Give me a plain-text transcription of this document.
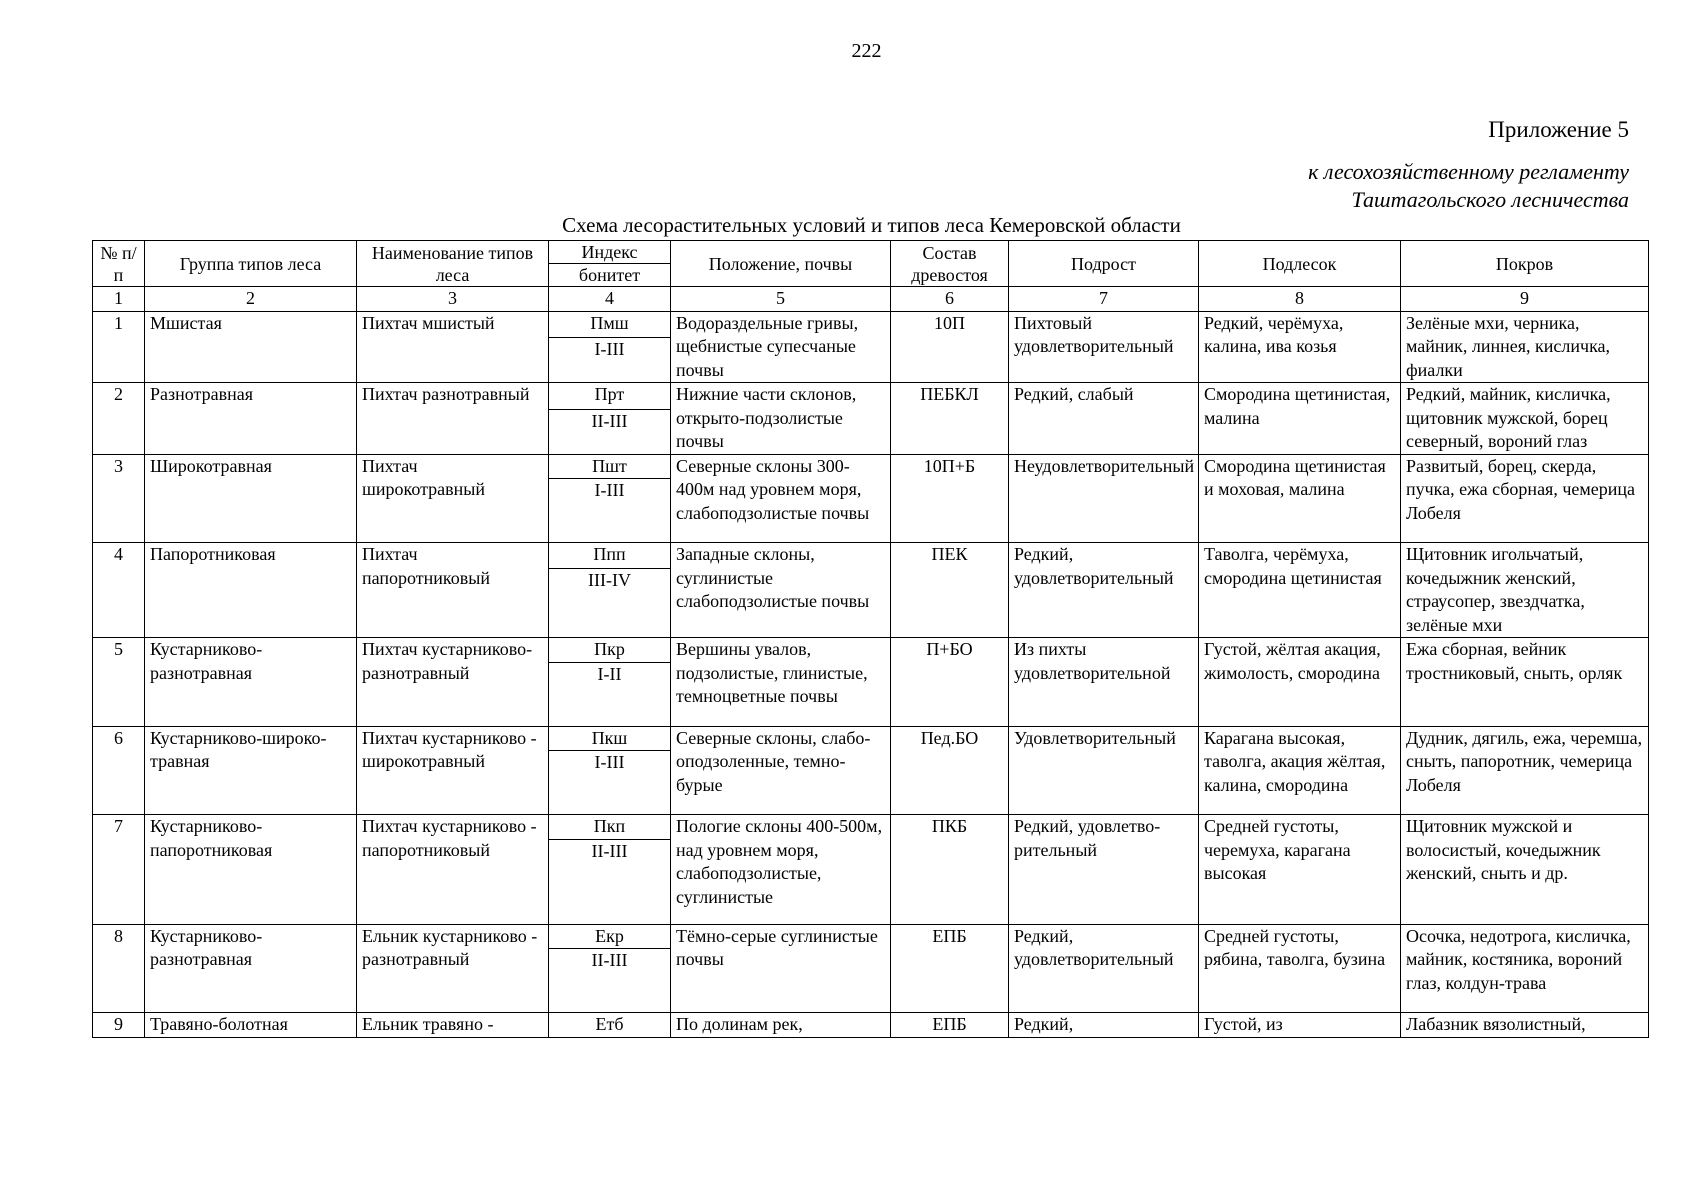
222
Приложение 5
к лесохозяйственному регламенту
Таштагольского лесничества
Схема лесорастительных условий и типов леса Кемеровской области
№ п/п	Группа типов леса	Наименование типов леса	Индекс	Положение, почвы	Состав древостоя	Подрост	Подлесок	Покров
			бонитет					
1	2	3	4	5	6	7	8	9
1	Мшистая	Пихтач мшистый	Пмш	Водораздельные гривы, щебнистые супесчаные почвы	10П	Пихтовый удовлетворительный	Редкий, черёмуха, калина, ива козья	Зелёные мхи, черника, майник, линнея, кисличка, фиалки
			I-III					
2	Разнотравная	Пихтач разнотравный	Прт	Нижние части склонов, открыто-подзолистые почвы	ПЕБКЛ	Редкий, слабый	Смородина щетинистая, малина	Редкий, майник, кисличка, щитовник мужской, борец северный, вороний глаз
			II-III					
3	Широкотравная	Пихтач широкотравный	Пшт	Северные склоны 300-400м над уровнем моря, слабоподзолистые почвы	10П+Б	Неудовлетворительный	Смородина щетинистая и моховая, малина	Развитый, борец, скерда, пучка, ежа сборная, чемерица Лобеля
			I-III					
4	Папоротниковая	Пихтач папоротниковый	Ппп	Западные склоны, суглинистые слабоподзолистые почвы	ПЕК	Редкий, удовлетворительный	Таволга, черёмуха, смородина щетинистая	Щитовник игольчатый, кочедыжник женский, страусопер, звездчатка, зелёные мхи
			III-IV					
5	Кустарниково-разнотравная	Пихтач кустарниково-разнотравный	Пкр	Вершины увалов, подзолистые, глинистые, темноцветные почвы	П+БО	Из пихты удовлетворительной	Густой, жёлтая акация, жимолость, смородина	Ежа сборная, вейник тростниковый, сныть, орляк
			I-II					
6	Кустарниково-широко-травная	Пихтач кустарниково - широкотравный	Пкш	Северные склоны, слабо-оподзоленные, темно-бурые	Пед.БО	Удовлетворительный	Карагана высокая, таволга, акация жёлтая, калина, смородина	Дудник, дягиль, ежа, черемша, сныть, папоротник, чемерица Лобеля
			I-III					
7	Кустарниково-папоротниковая	Пихтач кустарниково - папоротниковый	Пкп	Пологие склоны 400-500м, над уровнем моря, слабоподзолистые, суглинистые	ПКБ	Редкий, удовлетво-рительный	Средней густоты, черемуха, карагана высокая	Щитовник мужской и волосистый, кочедыжник женский, сныть и др.
			II-III					
8	Кустарниково-разнотравная	Ельник кустарниково - разнотравный	Екр	Тёмно-серые суглинистые почвы	ЕПБ	Редкий, удовлетворительный	Средней густоты, рябина, таволга, бузина	Осочка, недотрога, кисличка, майник, костяника, вороний глаз, колдун-трава
			II-III					
9	Травяно-болотная	Ельник травяно -	Етб	По долинам рек,	ЕПБ	Редкий,	Густой, из	Лабазник вязолистный,
